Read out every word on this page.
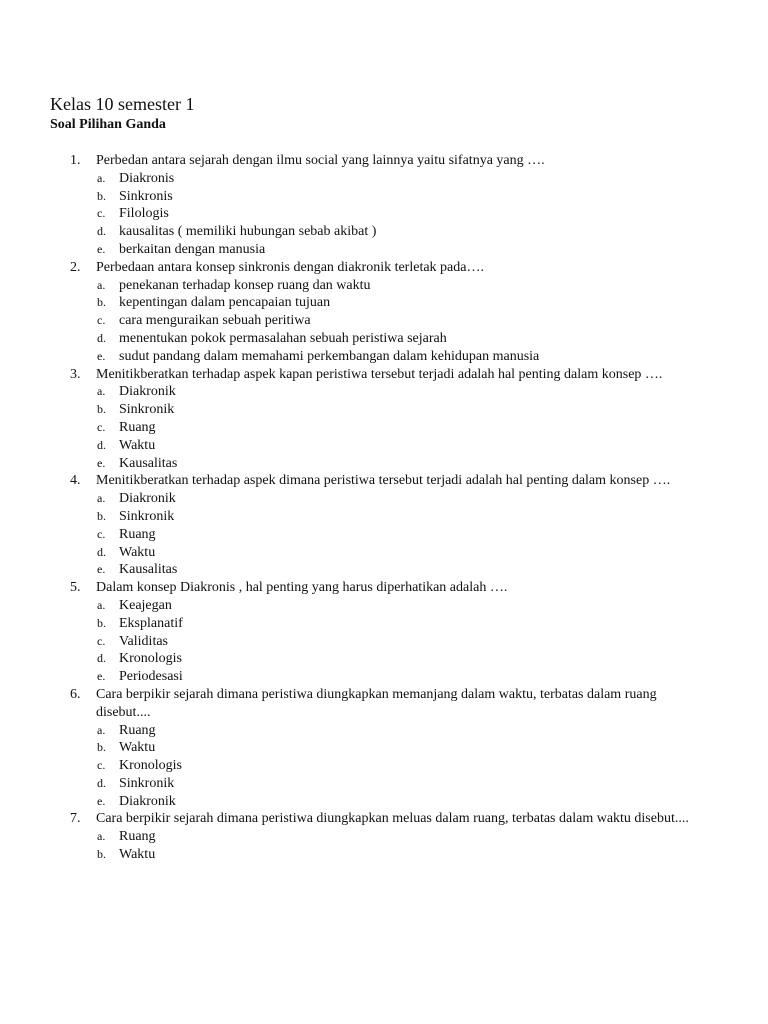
Kelas 10 semester 1
Soal Pilihan Ganda
1.	Perbedan antara sejarah dengan ilmu social yang lainnya yaitu sifatnya yang ….
a. Diakronis
b. Sinkronis
c. Filologis
d. kausalitas ( memiliki hubungan sebab akibat )
e. berkaitan dengan manusia
2.	Perbedaan antara konsep sinkronis dengan diakronik terletak pada….
a. penekanan terhadap konsep ruang dan waktu
b. kepentingan dalam pencapaian tujuan
c. cara menguraikan sebuah peritiwa
d. menentukan pokok permasalahan sebuah peristiwa sejarah
e. sudut pandang dalam memahami perkembangan dalam kehidupan manusia
3.	Menitikberatkan terhadap aspek kapan peristiwa tersebut terjadi adalah hal penting dalam konsep ….
a. Diakronik
b. Sinkronik
c. Ruang
d. Waktu
e. Kausalitas
4.	Menitikberatkan terhadap aspek dimana peristiwa tersebut terjadi adalah hal penting dalam konsep ….
a. Diakronik
b. Sinkronik
c. Ruang
d. Waktu
e. Kausalitas
5.	Dalam konsep Diakronis , hal penting yang harus diperhatikan adalah ….
a. Keajegan
b. Eksplanatif
c. Validitas
d. Kronologis
e. Periodesasi
6.	Cara berpikir sejarah dimana peristiwa diungkapkan memanjang dalam waktu, terbatas dalam ruang disebut....
a. Ruang
b. Waktu
c. Kronologis
d. Sinkronik
e. Diakronik
7.	Cara berpikir sejarah dimana peristiwa diungkapkan meluas dalam ruang, terbatas dalam waktu disebut....
a. Ruang
b. Waktu
